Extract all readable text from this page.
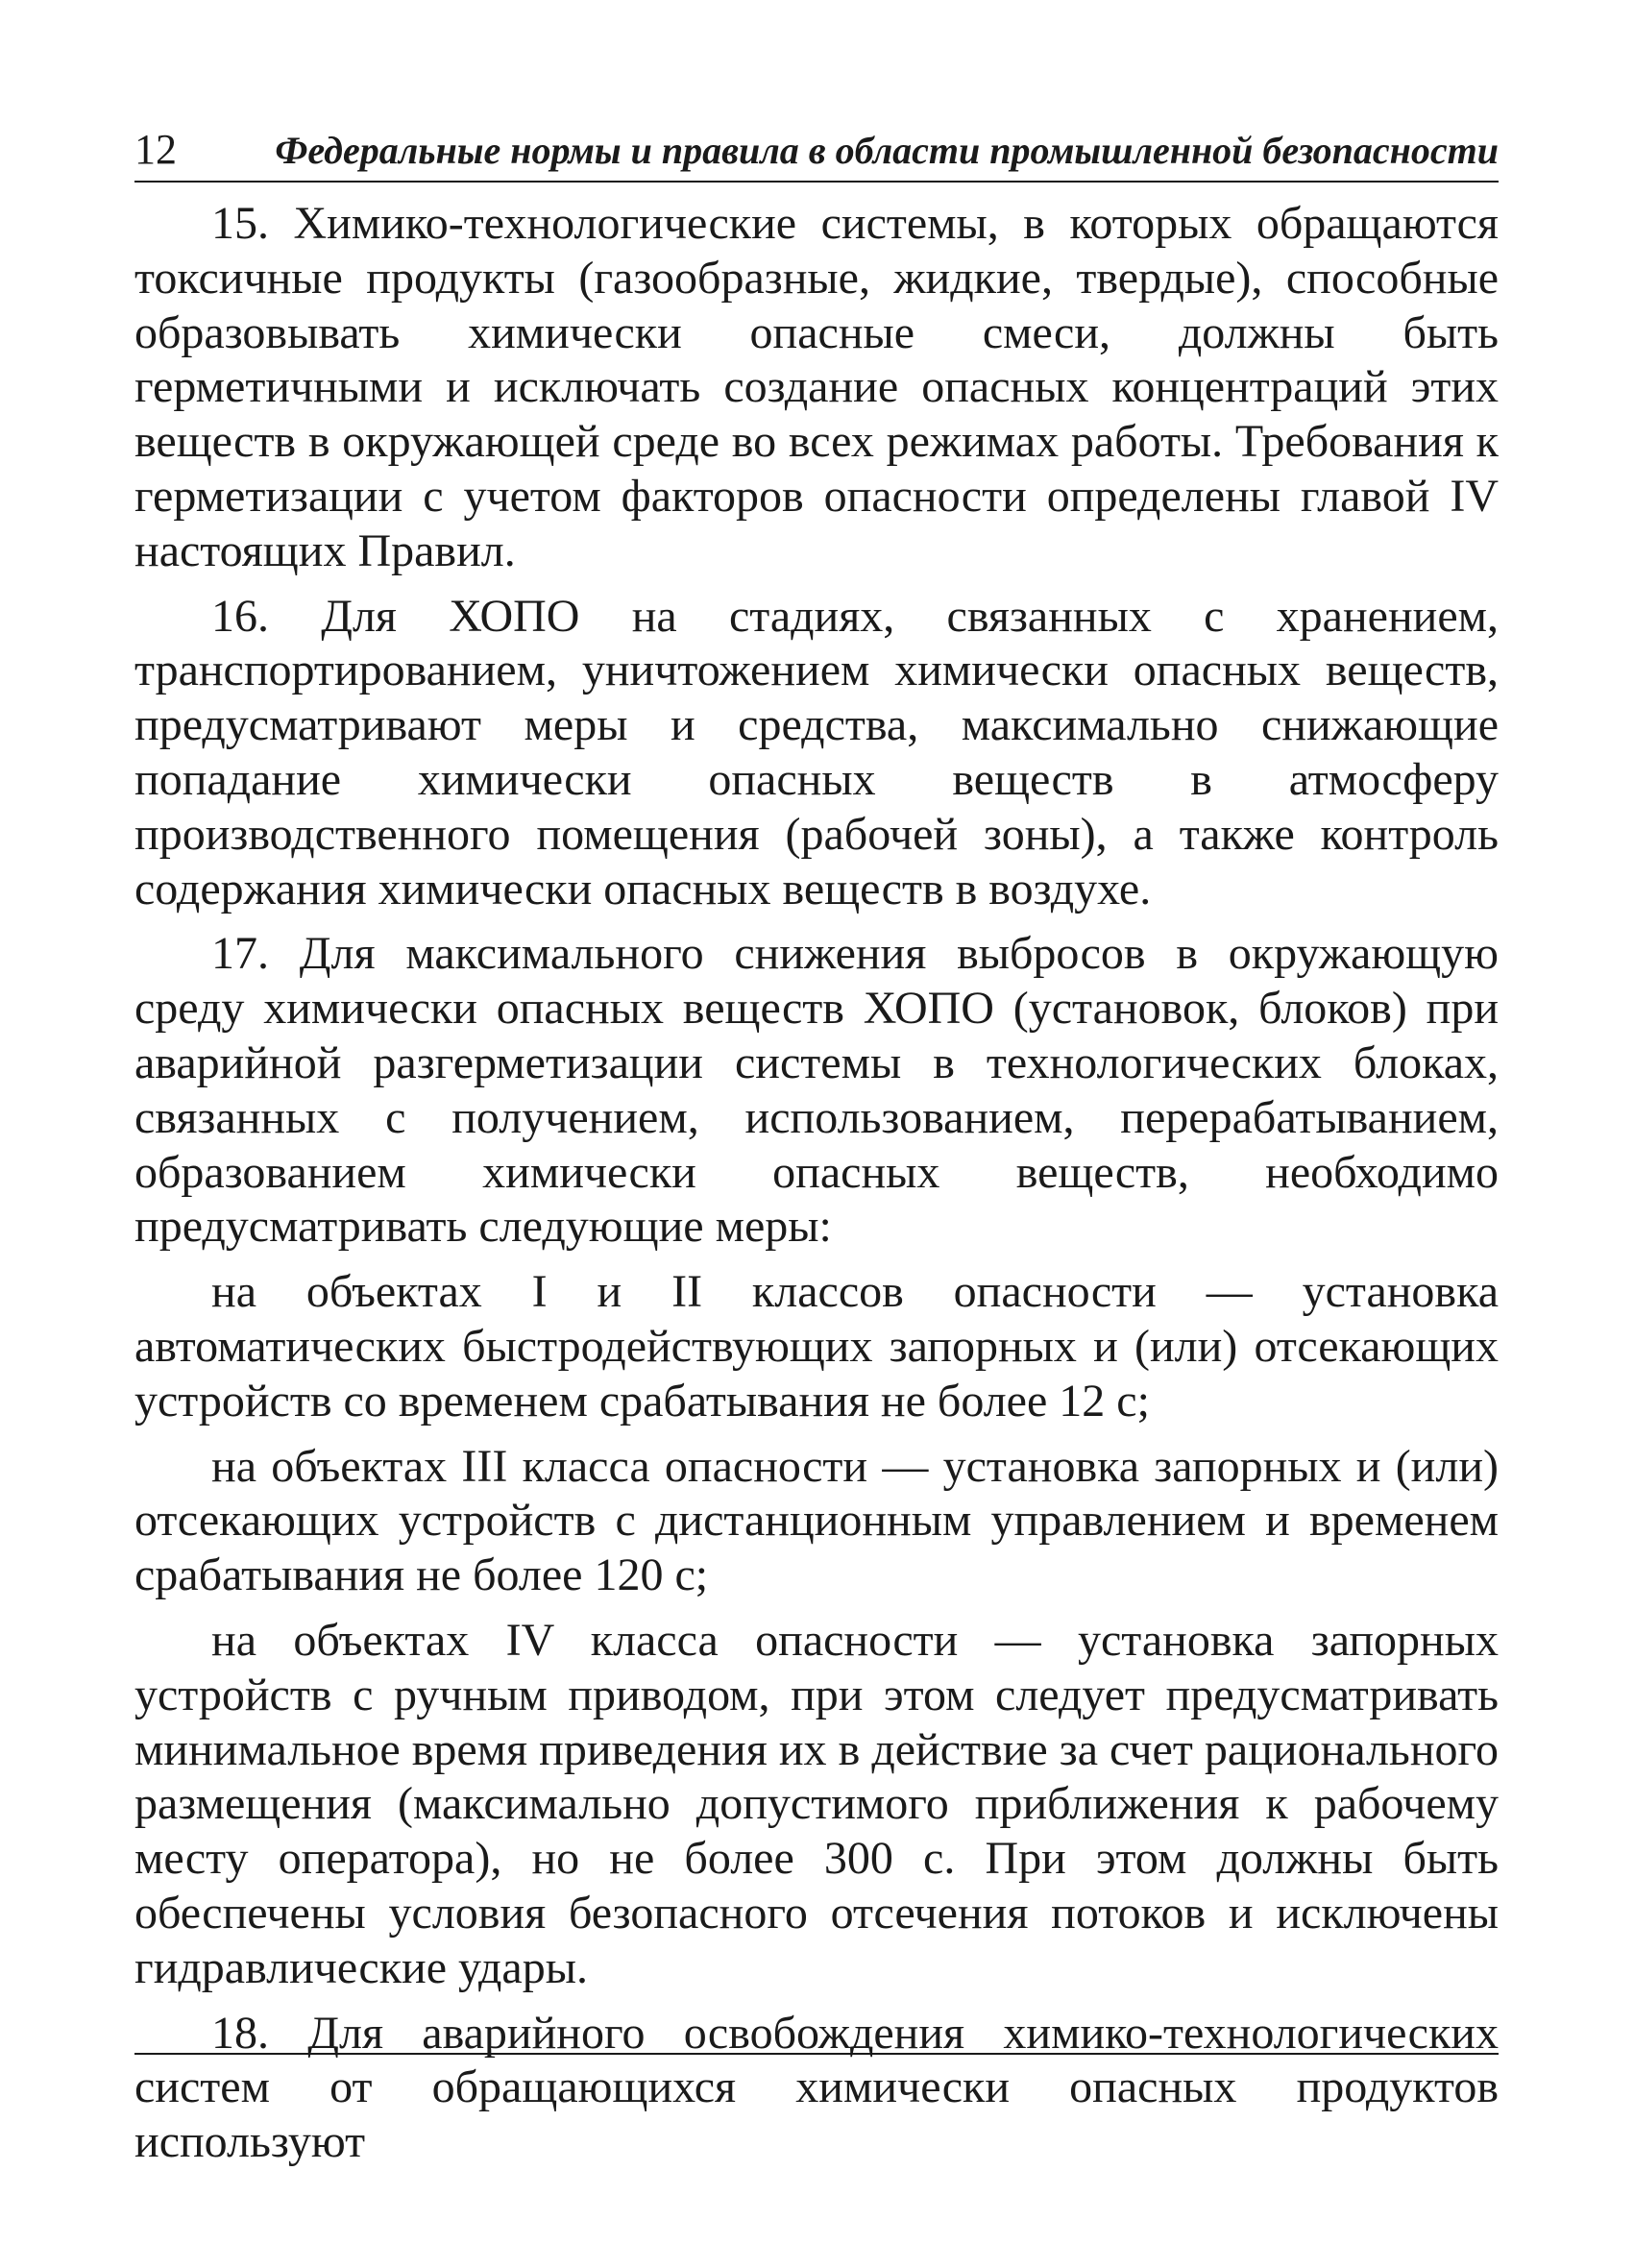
12	Федеральные нормы и правила в области промышленной безопасности

15. Химико-технологические системы, в которых обращаются токсичные продукты (газообразные, жидкие, твердые), способные образовывать химически опасные смеси, должны быть герметичными и исключать создание опасных концентраций этих веществ в окружающей среде во всех режимах работы. Требования к герметизации с учетом факторов опасности определены главой IV настоящих Правил.

16. Для ХОПО на стадиях, связанных с хранением, транспортированием, уничтожением химически опасных веществ, предусматривают меры и средства, максимально снижающие попадание химически опасных веществ в атмосферу производственного помещения (рабочей зоны), а также контроль содержания химически опасных веществ в воздухе.

17. Для максимального снижения выбросов в окружающую среду химически опасных веществ ХОПО (установок, блоков) при аварийной разгерметизации системы в технологических блоках, связанных с получением, использованием, перерабатыванием, образованием химически опасных веществ, необходимо предусматривать следующие меры:

на объектах I и II классов опасности — установка автоматических быстродействующих запорных и (или) отсекающих устройств со временем срабатывания не более 12 с;

на объектах III класса опасности — установка запорных и (или) отсекающих устройств с дистанционным управлением и временем срабатывания не более 120 с;

на объектах IV класса опасности — установка запорных устройств с ручным приводом, при этом следует предусматривать минимальное время приведения их в действие за счет рационального размещения (максимально допустимого приближения к рабочему месту оператора), но не более 300 с. При этом должны быть обеспечены условия безопасного отсечения потоков и исключены гидравлические удары.

18. Для аварийного освобождения химико-технологических систем от обращающихся химически опасных продуктов используют
